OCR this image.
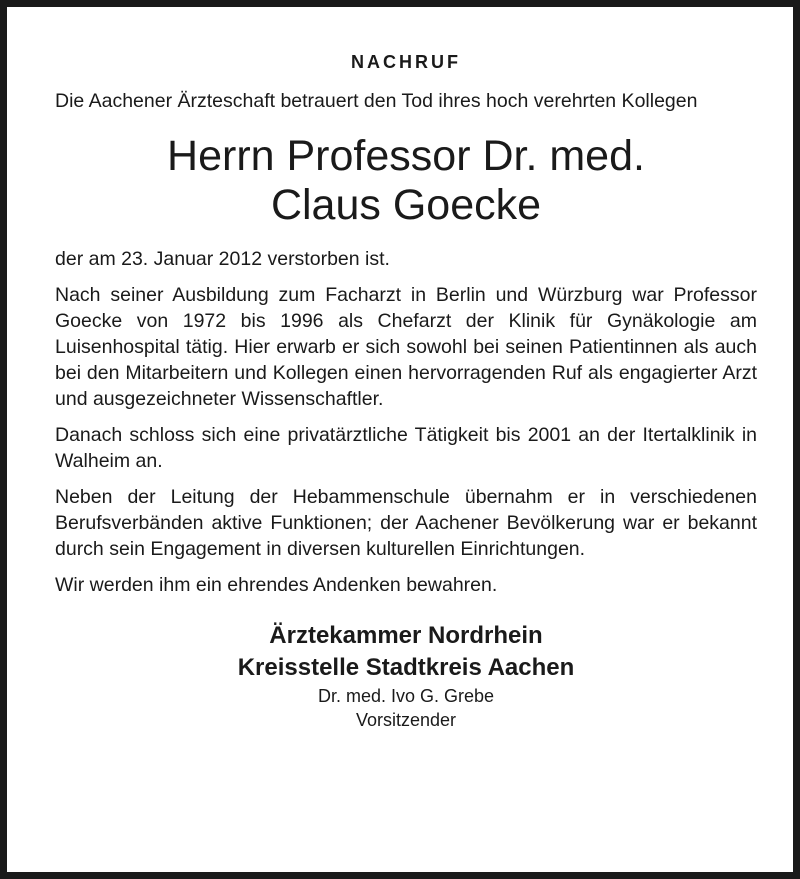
NACHRUF

Die Aachener Ärzteschaft betrauert den Tod ihres hoch verehrten Kollegen

Herrn Professor Dr. med.
Claus Goecke

der am 23. Januar 2012 verstorben ist.

Nach seiner Ausbildung zum Facharzt in Berlin und Würzburg war Professor Goecke von 1972 bis 1996 als Chefarzt der Klinik für Gynäkologie am Luisenhospital tätig. Hier erwarb er sich sowohl bei seinen Patientinnen als auch bei den Mitarbeitern und Kollegen einen hervorragenden Ruf als engagierter Arzt und ausgezeichneter Wissenschaftler.

Danach schloss sich eine privatärztliche Tätigkeit bis 2001 an der Itertalklinik in Walheim an.

Neben der Leitung der Hebammenschule übernahm er in verschiedenen Berufsverbänden aktive Funktionen; der Aachener Bevölkerung war er bekannt durch sein Engagement in diversen kulturellen Einrichtungen.

Wir werden ihm ein ehrendes Andenken bewahren.

Ärztekammer Nordrhein
Kreisstelle Stadtkreis Aachen
Dr. med. Ivo G. Grebe
Vorsitzender
